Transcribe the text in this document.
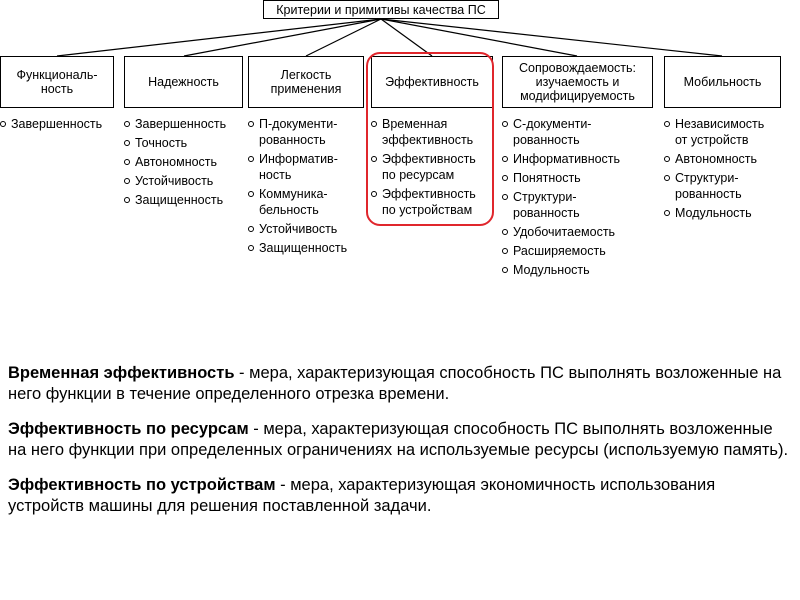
Критерии и примитивы качества ПС
Функциональ-
ность	Надежность	Легкость
применения	Эффективность
Сопровождаемость:
изучаемость и
модифицируемость
Мобильность
Завершенность	Завершенность
Точность
Автономность
Устойчивость
Защищенность
П-документи-
рованность
Информатив-
ность
Коммуника-
бельность
Устойчивость
Защищенность
Временная
эффективность
Эффективность
по ресурсам
Эффективность
по устройствам
С-документи-
рованность
Информативность
Понятность
Структури-
рованность
Удобочитаемость
Расширяемость
Модульность
Независимость
от устройств
Автономность
Структури-
рованность
Модульность

Временная эффективность - мера, характеризующая способность ПС выполнять возложенные на него функции в течение определенного отрезка времени.

Эффективность по ресурсам - мера, характеризующая способность ПС выполнять возложенные на него функции при определенных ограничениях на используемые ресурсы (используемую память).

Эффективность по устройствам - мера, характеризующая экономичность использования устройств машины для решения поставленной задачи.
